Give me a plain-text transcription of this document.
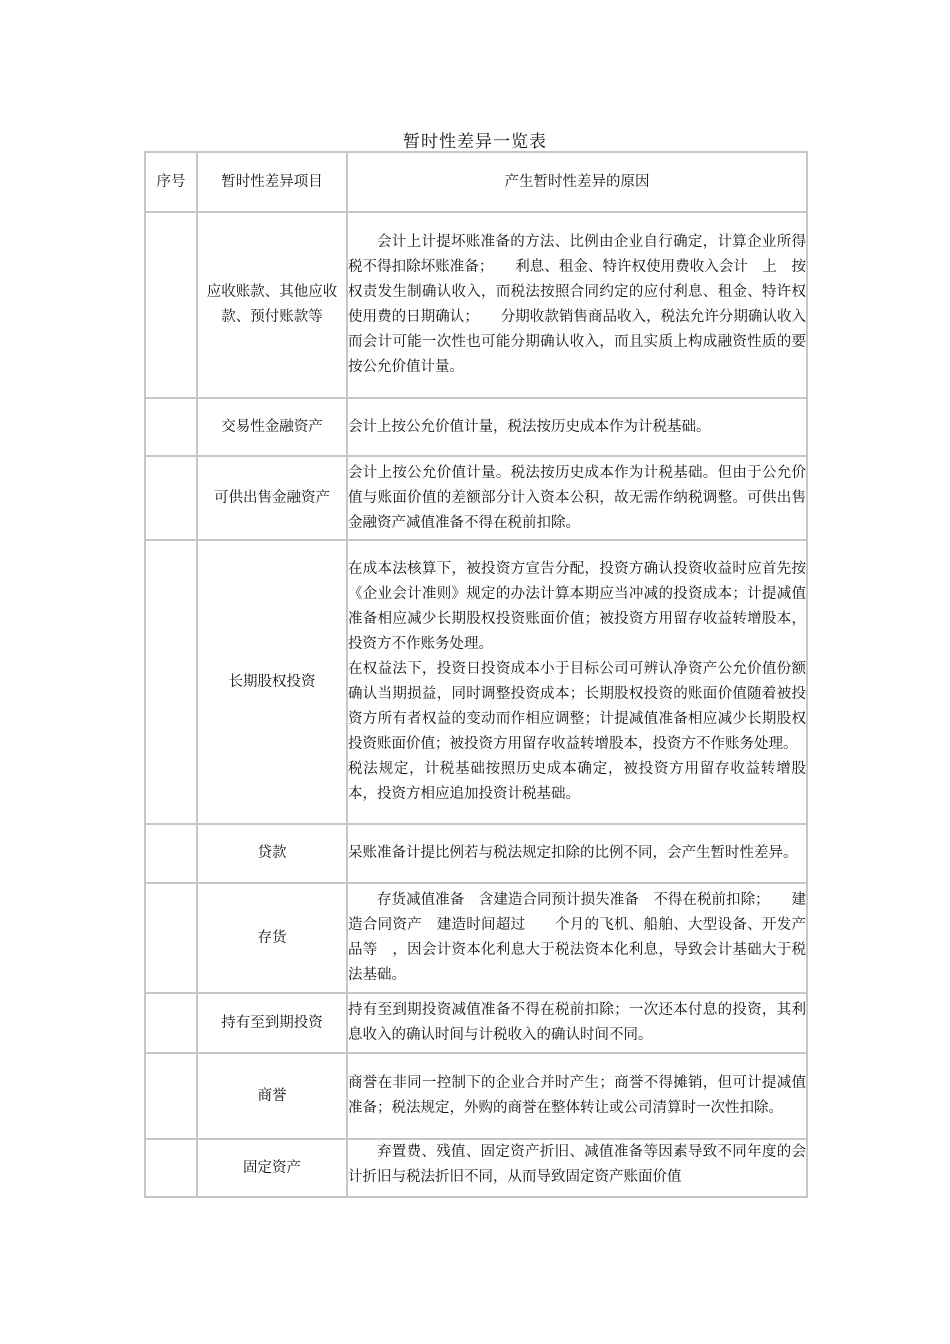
暂时性差异一览表
序号	暂时性差异项目	产生暂时性差异的原因
	应收账款、其他应收款、预付账款等	会计上计提坏账准备的方法、比例由企业自行确定，计算企业所得税不得扣除坏账准备；　　利息、租金、特许权使用费收入会计　上　按权责发生制确认收入，而税法按照合同约定的应付利息、租金、特许权使用费的日期确认；　　分期收款销售商品收入，税法允许分期确认收入而会计可能一次性也可能分期确认收入，而且实质上构成融资性质的要按公允价值计量。

	交易性金融资产	会计上按公允价值计量，税法按历史成本作为计税基础。

	可供出售金融资产	会计上按公允价值计量。税法按历史成本作为计税基础。但由于公允价值与账面价值的差额部分计入资本公积，故无需作纳税调整。可供出售金融资产减值准备不得在税前扣除。

	长期股权投资	在成本法核算下，被投资方宣告分配，投资方确认投资收益时应首先按《企业会计准则》规定的办法计算本期应当冲减的投资成本；计提减值准备相应减少长期股权投资账面价值；被投资方用留存收益转增股本，投资方不作账务处理。

在权益法下，投资日投资成本小于目标公司可辨认净资产公允价值份额确认当期损益，同时调整投资成本；长期股权投资的账面价值随着被投资方所有者权益的变动而作相应调整；计提减值准备相应减少长期股权投资账面价值；被投资方用留存收益转增股本，投资方不作账务处理。

税法规定，计税基础按照历史成本确定，被投资方用留存收益转增股本，投资方相应追加投资计税基础。

	贷款	呆账准备计提比例若与税法规定扣除的比例不同，会产生暂时性差异。

	存货	存货减值准备　含建造合同预计损失准备　不得在税前扣除；　　建造合同资产　建造时间超过　　个月的飞机、船舶、大型设备、开发产品等　，因会计资本化利息大于税法资本化利息，导致会计基础大于税法基础。

	持有至到期投资	持有至到期投资减值准备不得在税前扣除；一次还本付息的投资，其利息收入的确认时间与计税收入的确认时间不同。

	商誉	商誉在非同一控制下的企业合并时产生；商誉不得摊销，但可计提减值准备；税法规定，外购的商誉在整体转让或公司清算时一次性扣除。

	固定资产	弃置费、残值、固定资产折旧、减值准备等因素导致不同年度的会计折旧与税法折旧不同，从而导致固定资产账面价值
